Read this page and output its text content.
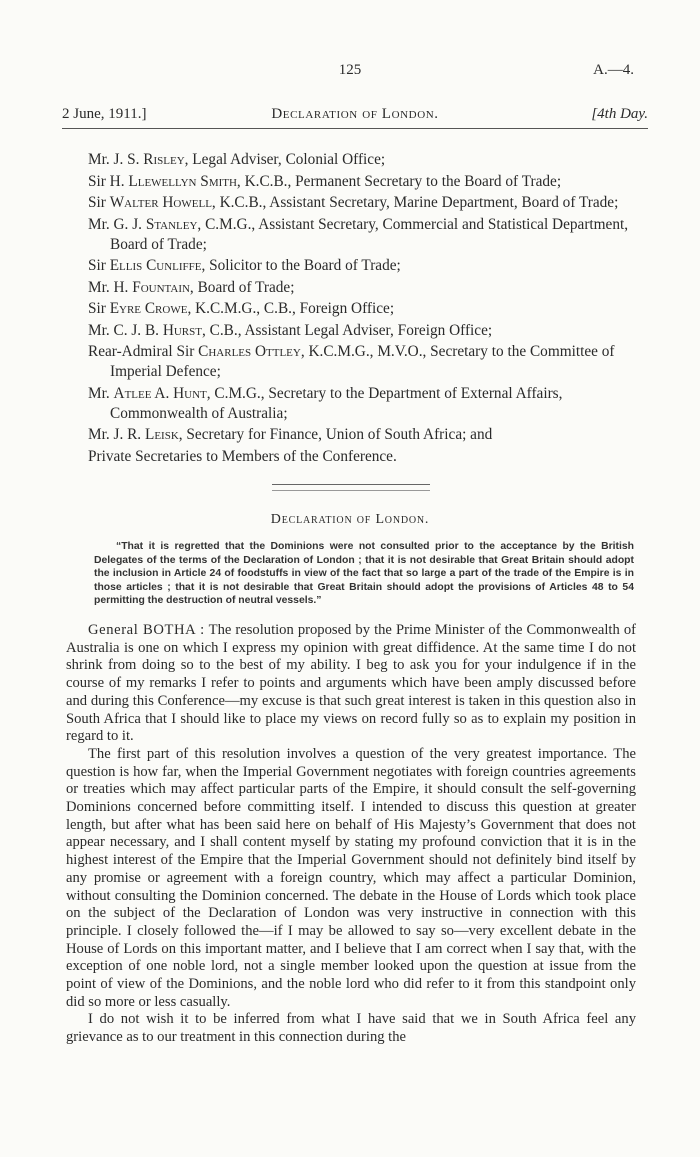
125	A.—4.
2 June, 1911.]	Declaration of London.	[4th Day.
Mr. J. S. Risley, Legal Adviser, Colonial Office;
Sir H. Llewellyn Smith, K.C.B., Permanent Secretary to the Board of Trade;
Sir Walter Howell, K.C.B., Assistant Secretary, Marine Department, Board of Trade;
Mr. G. J. Stanley, C.M.G., Assistant Secretary, Commercial and Statistical Department, Board of Trade;
Sir Ellis Cunliffe, Solicitor to the Board of Trade;
Mr. H. Fountain, Board of Trade;
Sir Eyre Crowe, K.C.M.G., C.B., Foreign Office;
Mr. C. J. B. Hurst, C.B., Assistant Legal Adviser, Foreign Office;
Rear-Admiral Sir Charles Ottley, K.C.M.G., M.V.O., Secretary to the Committee of Imperial Defence;
Mr. Atlee A. Hunt, C.M.G., Secretary to the Department of External Affairs, Commonwealth of Australia;
Mr. J. R. Leisk, Secretary for Finance, Union of South Africa; and
Private Secretaries to Members of the Conference.
Declaration of London.

“That it is regretted that the Dominions were not consulted prior to the acceptance by the British Delegates of the terms of the Declaration of London ; that it is not desirable that Great Britain should adopt the inclusion in Article 24 of foodstuffs in view of the fact that so large a part of the trade of the Empire is in those articles ; that it is not desirable that Great Britain should adopt the provisions of Articles 48 to 54 permitting the destruction of neutral vessels.”

General BOTHA : The resolution proposed by the Prime Minister of the Commonwealth of Australia is one on which I express my opinion with great diffidence. At the same time I do not shrink from doing so to the best of my ability. I beg to ask you for your indulgence if in the course of my remarks I refer to points and arguments which have been amply discussed before and during this Conference—my excuse is that such great interest is taken in this question also in South Africa that I should like to place my views on record fully so as to explain my position in regard to it.

The first part of this resolution involves a question of the very greatest importance. The question is how far, when the Imperial Government negotiates with foreign countries agreements or treaties which may affect particular parts of the Empire, it should consult the self-governing Dominions concerned before committing itself. I intended to discuss this question at greater length, but after what has been said here on behalf of His Majesty’s Government that does not appear necessary, and I shall content myself by stating my profound conviction that it is in the highest interest of the Empire that the Imperial Government should not definitely bind itself by any promise or agreement with a foreign country, which may affect a particular Dominion, without consulting the Dominion concerned. The debate in the House of Lords which took place on the subject of the Declaration of London was very instructive in connection with this principle. I closely followed the—if I may be allowed to say so—very excellent debate in the House of Lords on this important matter, and I believe that I am correct when I say that, with the exception of one noble lord, not a single member looked upon the question at issue from the point of view of the Dominions, and the noble lord who did refer to it from this standpoint only did so more or less casually.

I do not wish it to be inferred from what I have said that we in South Africa feel any grievance as to our treatment in this connection during the
